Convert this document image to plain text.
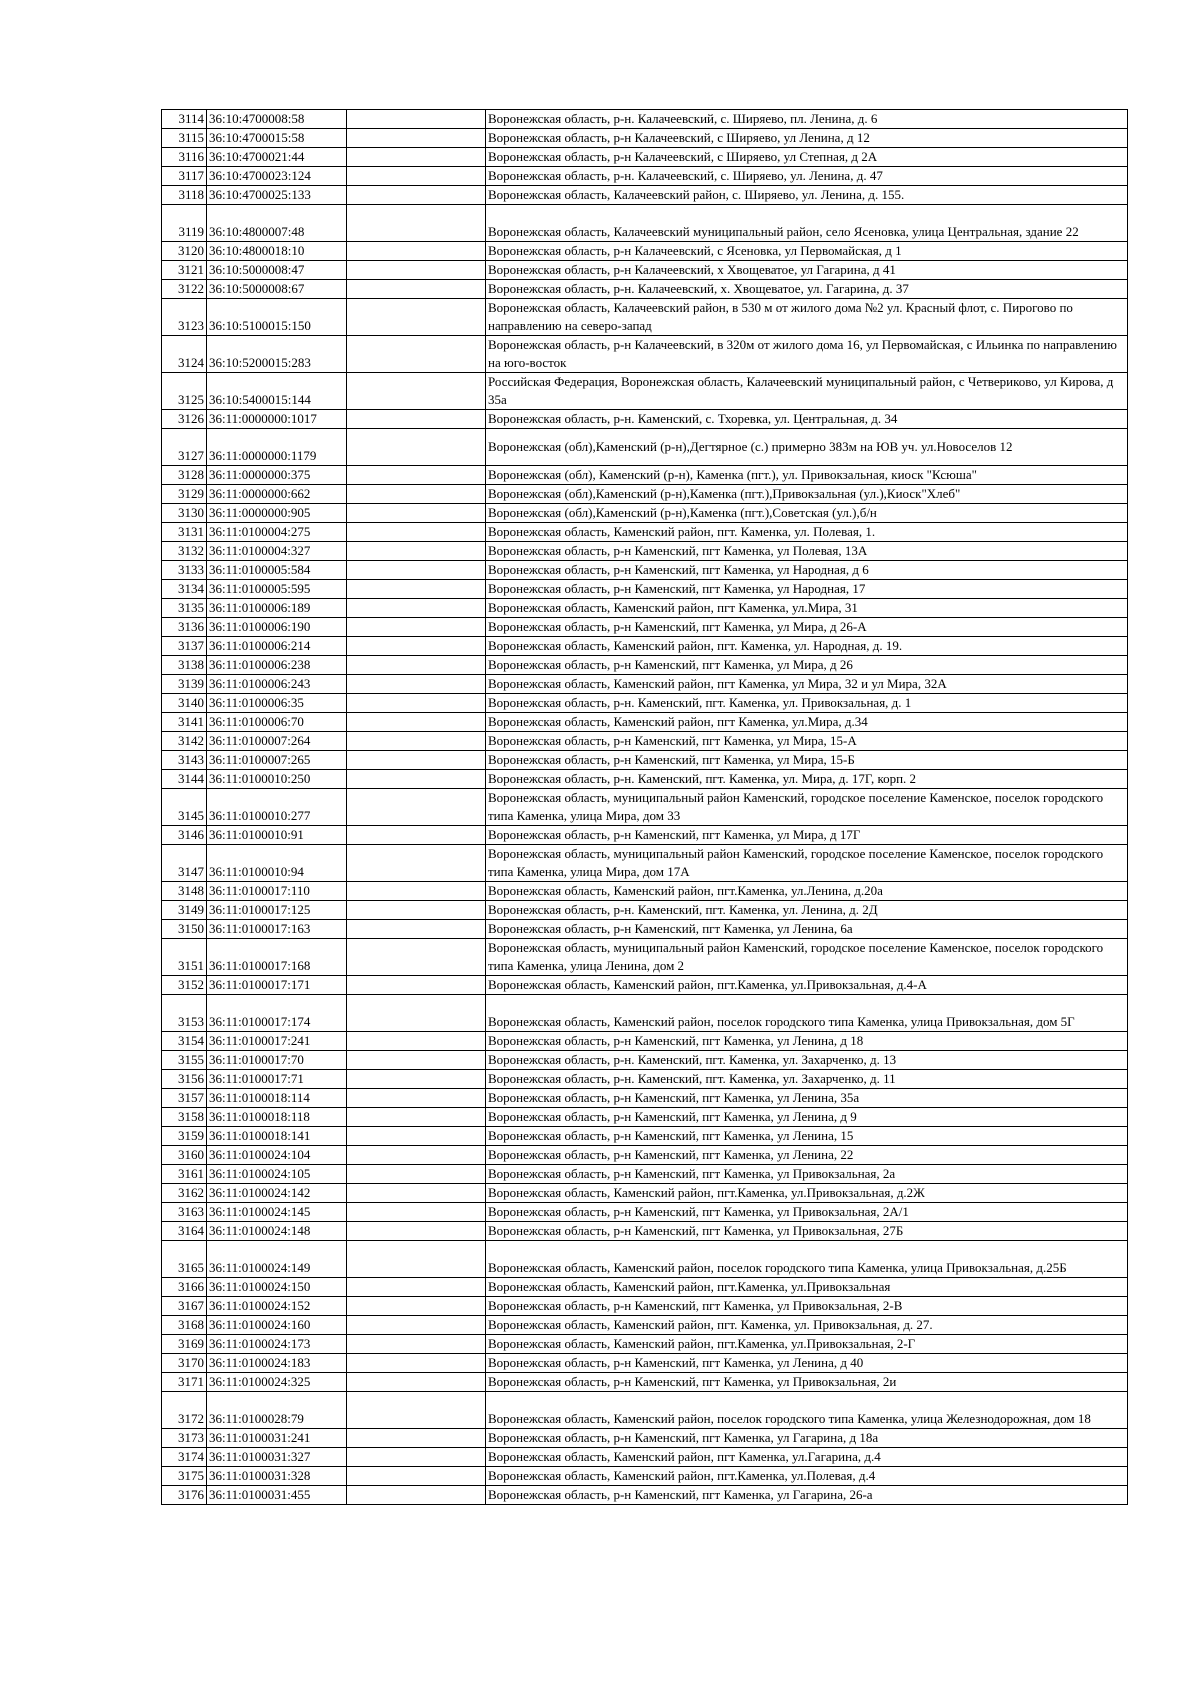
3114	36:10:4700008:58		Воронежская область, р-н. Калачеевский, с. Ширяево, пл. Ленина, д. 6
3115	36:10:4700015:58		Воронежская область, р-н Калачеевский, с Ширяево, ул Ленина, д 12
3116	36:10:4700021:44		Воронежская область, р-н Калачеевский, с Ширяево, ул Степная, д 2А
3117	36:10:4700023:124		Воронежская область, р-н. Калачеевский, с. Ширяево, ул. Ленина, д. 47
3118	36:10:4700025:133		Воронежская область, Калачеевский район, с. Ширяево, ул. Ленина, д. 155.
3119	36:10:4800007:48		Воронежская область, Калачеевский муниципальный район, село Ясеновка, улица Центральная, здание 22
3120	36:10:4800018:10		Воронежская область, р-н Калачеевский, с Ясеновка, ул Первомайская, д 1
3121	36:10:5000008:47		Воронежская область, р-н Калачеевский, х Хвощеватое, ул Гагарина, д 41
3122	36:10:5000008:67		Воронежская область, р-н. Калачеевский, х. Хвощеватое, ул. Гагарина, д. 37
3123	36:10:5100015:150		Воронежская область, Калачеевский район, в 530 м от жилого дома №2 ул. Красный флот, с. Пирогово по направлению на северо-запад
3124	36:10:5200015:283		Воронежская область, р-н Калачеевский, в 320м от жилого дома 16, ул Первомайская, с Ильинка по направлению на юго-восток
3125	36:10:5400015:144		Российская Федерация, Воронежская область, Калачеевский муниципальный район, с Четвериково, ул Кирова, д 35а
3126	36:11:0000000:1017		Воронежская область, р-н. Каменский, с. Тхоревка, ул. Центральная, д. 34
3127	36:11:0000000:1179		Воронежская (обл),Каменский (р-н),Дегтярное (с.) примерно 383м на ЮВ уч. ул.Новоселов 12
3128	36:11:0000000:375		Воронежская (обл), Каменский (р-н), Каменка (пгт.), ул. Привокзальная, киоск "Ксюша"
3129	36:11:0000000:662		Воронежская (обл),Каменский (р-н),Каменка (пгт.),Привокзальная (ул.),Киоск"Хлеб"
3130	36:11:0000000:905		Воронежская (обл),Каменский (р-н),Каменка (пгт.),Советская (ул.),б/н
3131	36:11:0100004:275		Воронежская область, Каменский район, пгт. Каменка, ул. Полевая, 1.
3132	36:11:0100004:327		Воронежская область, р-н Каменский, пгт Каменка, ул Полевая, 13А
3133	36:11:0100005:584		Воронежская область, р-н Каменский, пгт Каменка, ул Народная, д 6
3134	36:11:0100005:595		Воронежская область, р-н Каменский, пгт Каменка, ул Народная, 17
3135	36:11:0100006:189		Воронежская область, Каменский район, пгт Каменка, ул.Мира, 31
3136	36:11:0100006:190		Воронежская область, р-н Каменский, пгт Каменка, ул Мира, д 26-А
3137	36:11:0100006:214		Воронежская область, Каменский район, пгт. Каменка, ул. Народная, д. 19.
3138	36:11:0100006:238		Воронежская область, р-н Каменский, пгт Каменка, ул Мира, д 26
3139	36:11:0100006:243		Воронежская область, Каменский район, пгт Каменка, ул Мира, 32 и ул Мира, 32А
3140	36:11:0100006:35		Воронежская область, р-н. Каменский, пгт. Каменка, ул. Привокзальная, д. 1
3141	36:11:0100006:70		Воронежская область, Каменский район, пгт Каменка, ул.Мира, д.34
3142	36:11:0100007:264		Воронежская область, р-н Каменский, пгт Каменка, ул Мира, 15-А
3143	36:11:0100007:265		Воронежская область, р-н Каменский, пгт Каменка, ул Мира, 15-Б
3144	36:11:0100010:250		Воронежская область, р-н. Каменский, пгт. Каменка, ул. Мира, д. 17Г, корп. 2
3145	36:11:0100010:277		Воронежская область, муниципальный район Каменский, городское поселение Каменское, поселок городского типа Каменка, улица Мира, дом 33
3146	36:11:0100010:91		Воронежская область, р-н Каменский, пгт Каменка, ул Мира, д 17Г
3147	36:11:0100010:94		Воронежская область, муниципальный район Каменский, городское поселение Каменское, поселок городского типа Каменка, улица Мира, дом 17А
3148	36:11:0100017:110		Воронежская область, Каменский район, пгт.Каменка, ул.Ленина, д.20а
3149	36:11:0100017:125		Воронежская область, р-н. Каменский, пгт. Каменка, ул. Ленина, д. 2Д
3150	36:11:0100017:163		Воронежская область, р-н Каменский, пгт Каменка, ул Ленина, 6а
3151	36:11:0100017:168		Воронежская область, муниципальный район Каменский, городское поселение Каменское, поселок городского типа Каменка, улица Ленина, дом 2
3152	36:11:0100017:171		Воронежская область, Каменский район, пгт.Каменка, ул.Привокзальная, д.4-А
3153	36:11:0100017:174		Воронежская область, Каменский район, поселок городского типа Каменка, улица Привокзальная, дом 5Г
3154	36:11:0100017:241		Воронежская область, р-н Каменский, пгт Каменка, ул Ленина, д 18
3155	36:11:0100017:70		Воронежская область, р-н. Каменский, пгт. Каменка, ул. Захарченко, д. 13
3156	36:11:0100017:71		Воронежская область, р-н. Каменский, пгт. Каменка, ул. Захарченко, д. 11
3157	36:11:0100018:114		Воронежская область, р-н Каменский, пгт Каменка, ул Ленина, 35а
3158	36:11:0100018:118		Воронежская область, р-н Каменский, пгт Каменка, ул Ленина, д 9
3159	36:11:0100018:141		Воронежская область, р-н Каменский, пгт Каменка, ул Ленина, 15
3160	36:11:0100024:104		Воронежская область, р-н Каменский, пгт Каменка, ул Ленина, 22
3161	36:11:0100024:105		Воронежская область, р-н Каменский, пгт Каменка, ул Привокзальная, 2а
3162	36:11:0100024:142		Воронежская область, Каменский район, пгт.Каменка, ул.Привокзальная, д.2Ж
3163	36:11:0100024:145		Воронежская область, р-н Каменский, пгт Каменка, ул Привокзальная, 2А/1
3164	36:11:0100024:148		Воронежская область, р-н Каменский, пгт Каменка, ул Привокзальная, 27Б
3165	36:11:0100024:149		Воронежская область, Каменский район, поселок городского типа Каменка, улица Привокзальная, д.25Б
3166	36:11:0100024:150		Воронежская область, Каменский район, пгт.Каменка, ул.Привокзальная
3167	36:11:0100024:152		Воронежская область, р-н Каменский, пгт Каменка, ул Привокзальная, 2-В
3168	36:11:0100024:160		Воронежская область, Каменский район, пгт. Каменка, ул. Привокзальная, д. 27.
3169	36:11:0100024:173		Воронежская область, Каменский район, пгт.Каменка, ул.Привокзальная, 2-Г
3170	36:11:0100024:183		Воронежская область, р-н Каменский, пгт Каменка, ул Ленина, д 40
3171	36:11:0100024:325		Воронежская область, р-н Каменский, пгт Каменка, ул Привокзальная, 2и
3172	36:11:0100028:79		Воронежская область, Каменский район, поселок городского типа Каменка, улица Железнодорожная, дом 18
3173	36:11:0100031:241		Воронежская область, р-н Каменский, пгт Каменка, ул Гагарина, д 18а
3174	36:11:0100031:327		Воронежская область, Каменский район, пгт Каменка, ул.Гагарина, д.4
3175	36:11:0100031:328		Воронежская область, Каменский район, пгт.Каменка, ул.Полевая, д.4
3176	36:11:0100031:455		Воронежская область, р-н Каменский, пгт Каменка, ул Гагарина, 26-а
